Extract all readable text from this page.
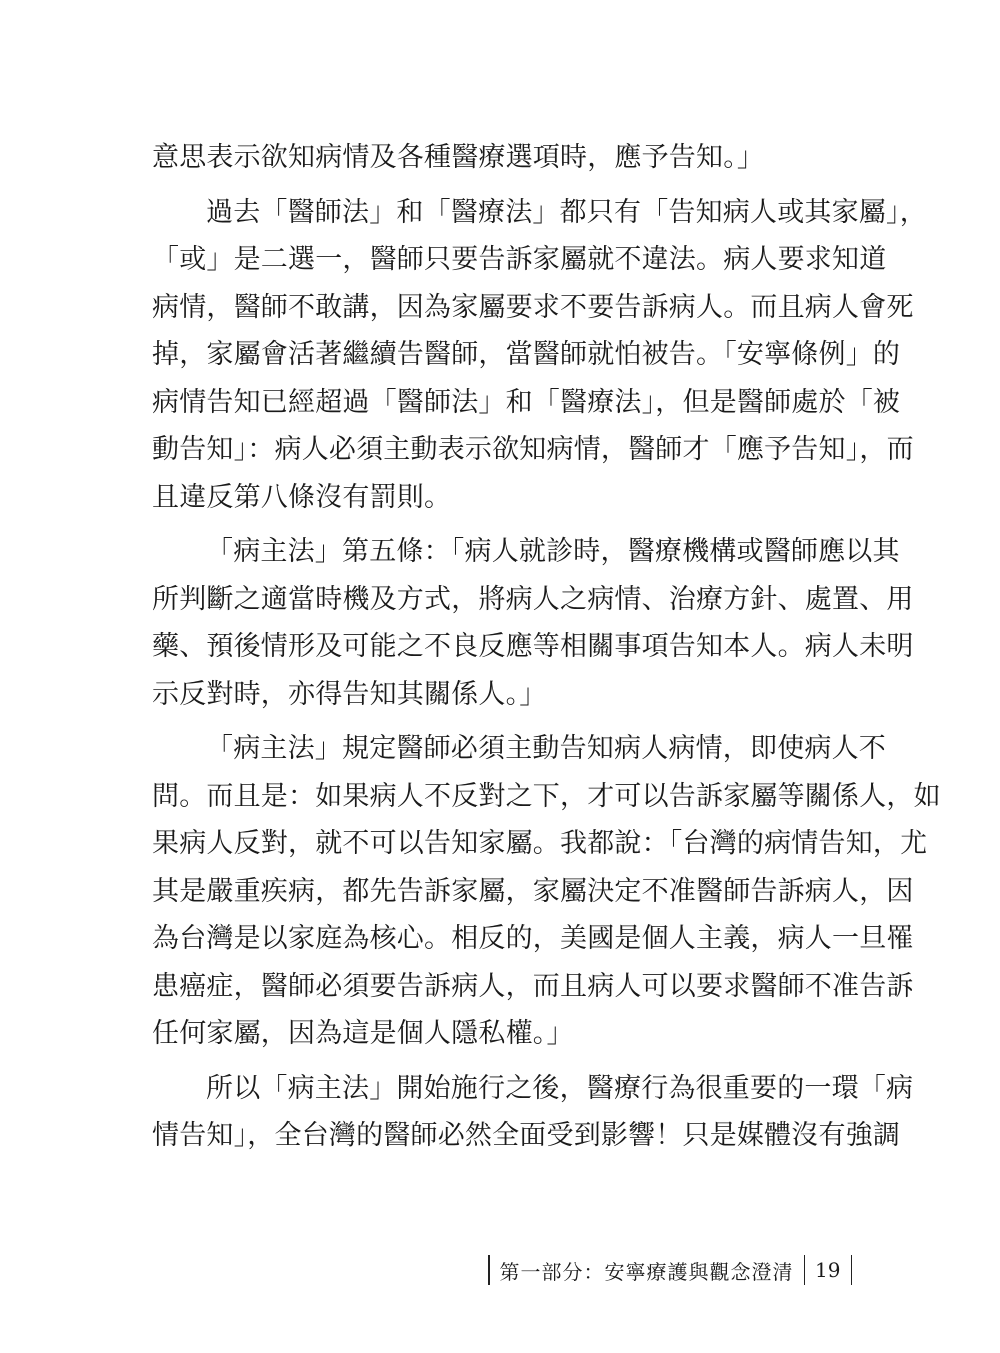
意思表示欲知病情及各種醫療選項時，應予告知。」

過去「醫師法」和「醫療法」都只有「告知病人或其家屬」，
「或」是二選一，醫師只要告訴家屬就不違法。病人要求知道
病情，醫師不敢講，因為家屬要求不要告訴病人。而且病人會死
掉，家屬會活著繼續告醫師，當醫師就怕被告。「安寧條例」的
病情告知已經超過「醫師法」和「醫療法」，但是醫師處於「被
動告知」：病人必須主動表示欲知病情，醫師才「應予告知」，而
且違反第八條沒有罰則。

「病主法」第五條：「病人就診時，醫療機構或醫師應以其
所判斷之適當時機及方式，將病人之病情、治療方針、處置、用
藥、預後情形及可能之不良反應等相關事項告知本人。病人未明
示反對時，亦得告知其關係人。」

「病主法」規定醫師必須主動告知病人病情，即使病人不
問。而且是：如果病人不反對之下，才可以告訴家屬等關係人，如
果病人反對，就不可以告知家屬。我都說：「台灣的病情告知，尤
其是嚴重疾病，都先告訴家屬，家屬決定不准醫師告訴病人，因
為台灣是以家庭為核心。相反的，美國是個人主義，病人一旦罹
患癌症，醫師必須要告訴病人，而且病人可以要求醫師不准告訴
任何家屬，因為這是個人隱私權。」

所以「病主法」開始施行之後，醫療行為很重要的一環「病
情告知」，全台灣的醫師必然全面受到影響！只是媒體沒有強調

第一部分：安寧療護與觀念澄清 19
